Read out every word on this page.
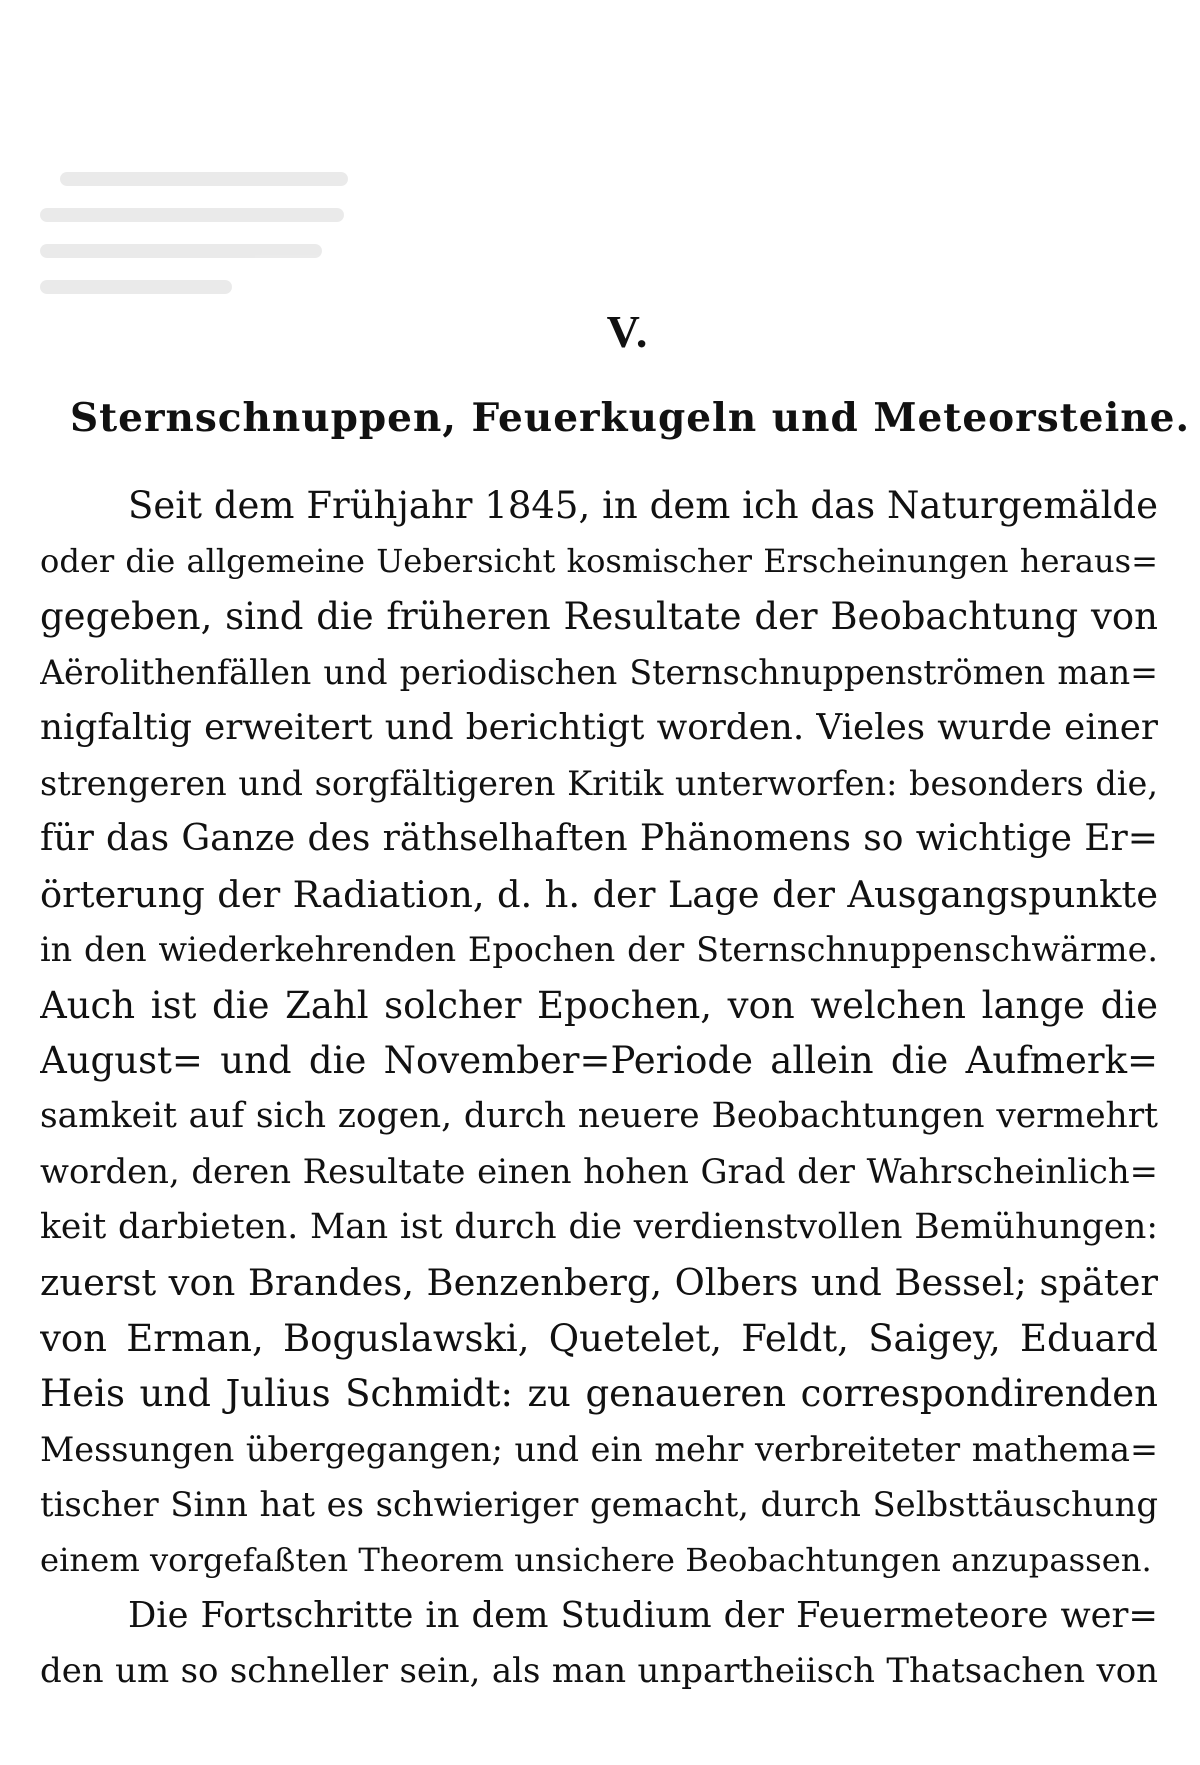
V.
Sternschnuppen, Feuerkugeln und Meteorsteine.
Seit dem Frühjahr 1845, in dem ich das Naturgemälde
oder die allgemeine Uebersicht kosmischer Erscheinungen heraus=
gegeben, sind die früheren Resultate der Beobachtung von
Aërolithenfällen und periodischen Sternschnuppenströmen man=
nigfaltig erweitert und berichtigt worden. Vieles wurde einer
strengeren und sorgfältigeren Kritik unterworfen: besonders die,
für das Ganze des räthselhaften Phänomens so wichtige Er=
örterung der Radiation, d. h. der Lage der Ausgangspunkte
in den wiederkehrenden Epochen der Sternschnuppenschwärme.
Auch ist die Zahl solcher Epochen, von welchen lange die
August= und die November=Periode allein die Aufmerk=
samkeit auf sich zogen, durch neuere Beobachtungen vermehrt
worden, deren Resultate einen hohen Grad der Wahrscheinlich=
keit darbieten. Man ist durch die verdienstvollen Bemühungen:
zuerst von Brandes, Benzenberg, Olbers und Bessel; später
von Erman, Boguslawski, Quetelet, Feldt, Saigey, Eduard
Heis und Julius Schmidt: zu genaueren correspondirenden
Messungen übergegangen; und ein mehr verbreiteter mathema=
tischer Sinn hat es schwieriger gemacht, durch Selbsttäuschung
einem vorgefaßten Theorem unsichere Beobachtungen anzupassen.
Die Fortschritte in dem Studium der Feuermeteore wer=
den um so schneller sein, als man unpartheiisch Thatsachen von
